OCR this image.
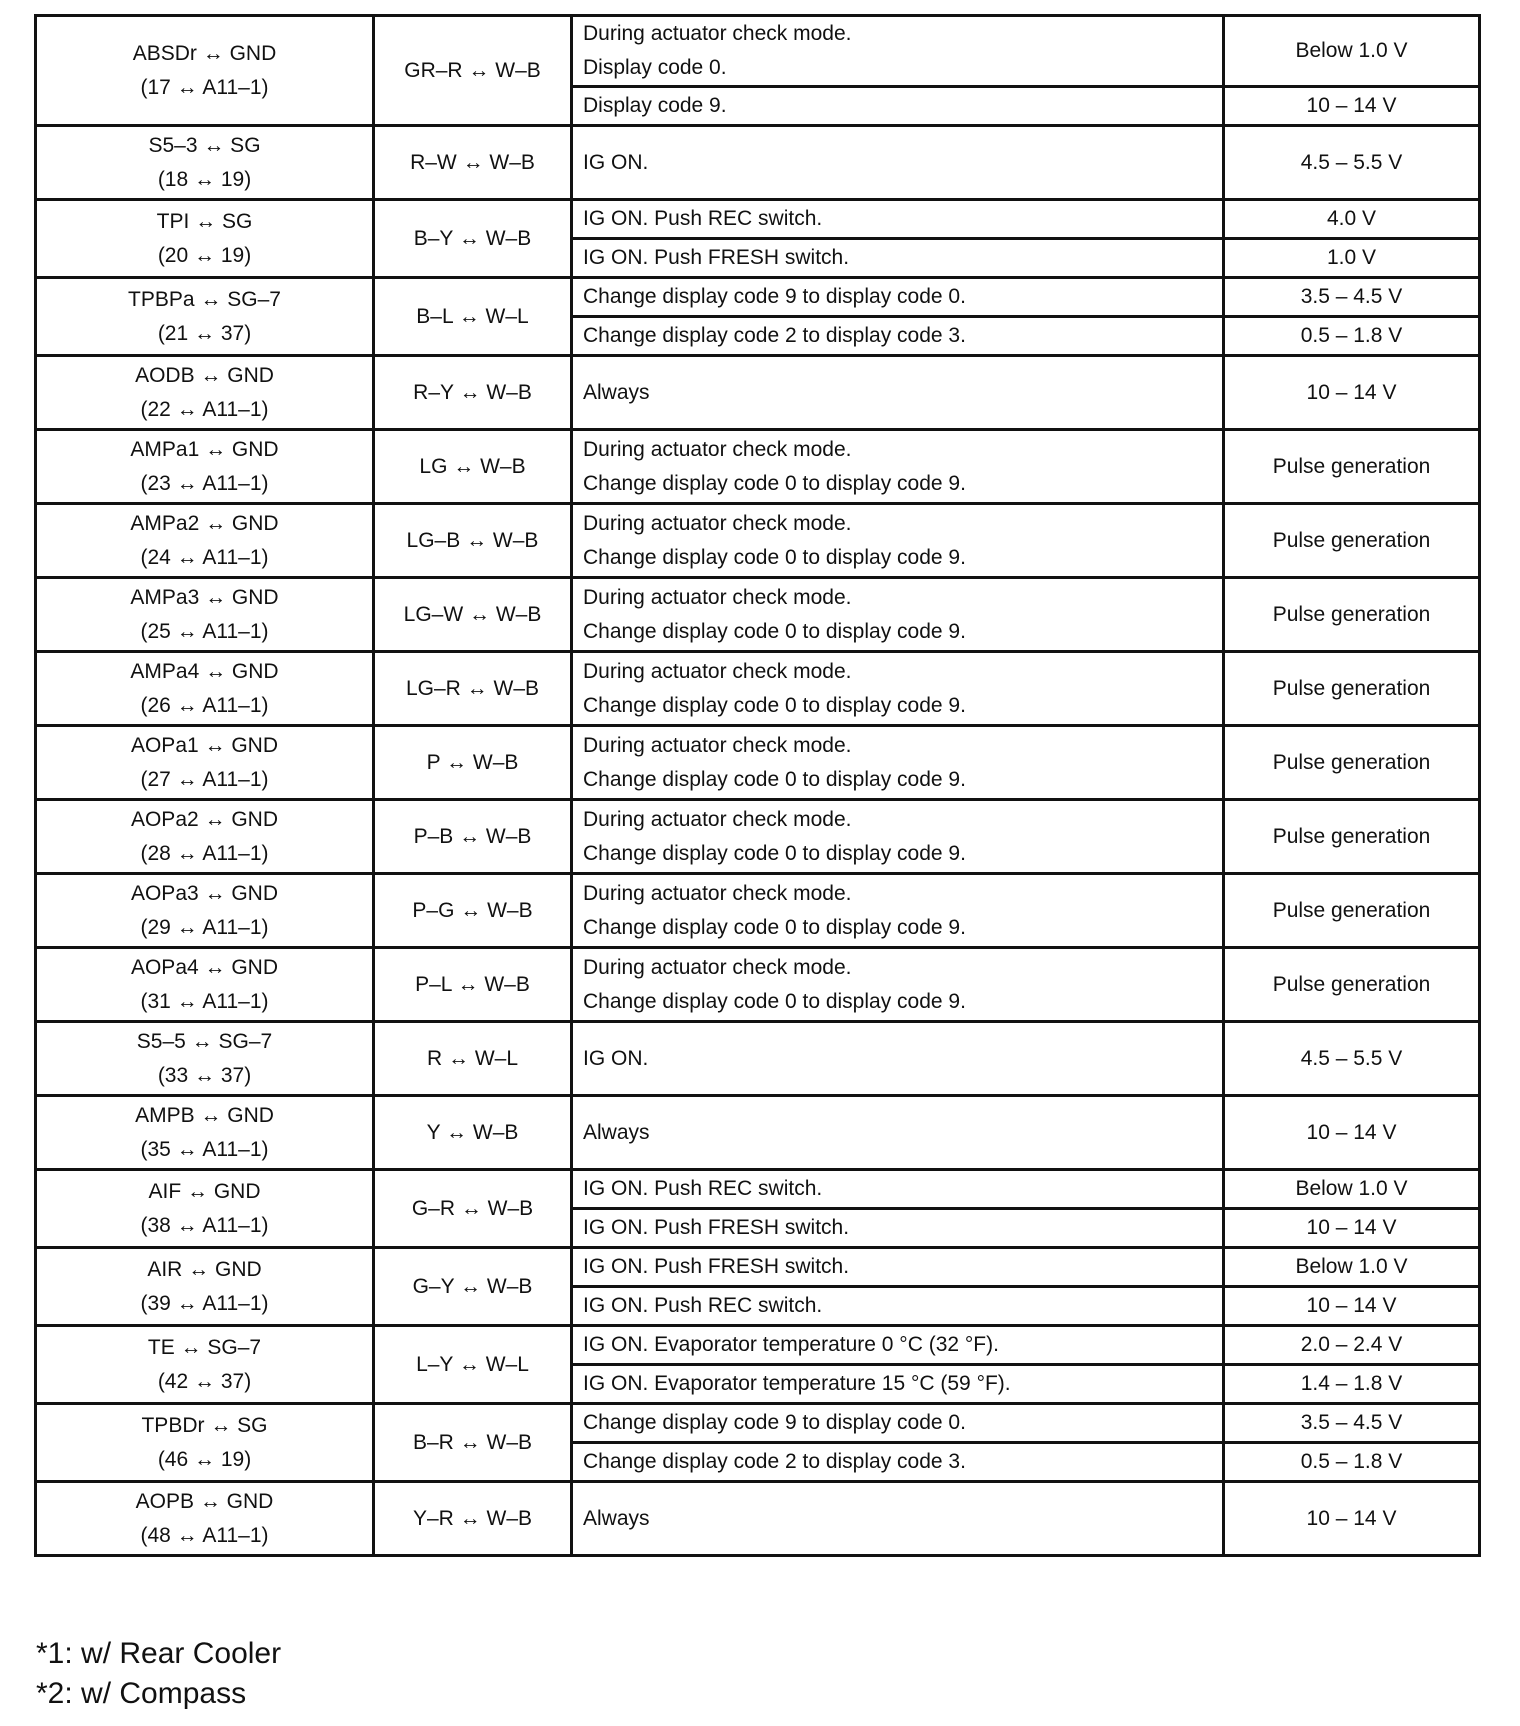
ABSDr ↔ GND
(17 ↔ A11–1)	GR–R ↔ W–B	During actuator check mode.
Display code 0.	Below 1.0 V

		Display code 9.	10 – 14 V

S5–3 ↔ SG
(18 ↔ 19)	R–W ↔ W–B	IG ON.	4.5 – 5.5 V

TPI ↔ SG
(20 ↔ 19)	B–Y ↔ W–B	IG ON. Push REC switch.	4.0 V

		IG ON. Push FRESH switch.	1.0 V

TPBPa ↔ SG–7
(21 ↔ 37)	B–L ↔ W–L	Change display code 9 to display code 0.	3.5 – 4.5 V

		Change display code 2 to display code 3.	0.5 – 1.8 V

AODB ↔ GND
(22 ↔ A11–1)	R–Y ↔ W–B	Always	10 – 14 V

AMPa1 ↔ GND
(23 ↔ A11–1)	LG ↔ W–B	During actuator check mode.
Change display code 0 to display code 9.	Pulse generation

AMPa2 ↔ GND
(24 ↔ A11–1)	LG–B ↔ W–B	During actuator check mode.
Change display code 0 to display code 9.	Pulse generation

AMPa3 ↔ GND
(25 ↔ A11–1)	LG–W ↔ W–B	During actuator check mode.
Change display code 0 to display code 9.	Pulse generation

AMPa4 ↔ GND
(26 ↔ A11–1)	LG–R ↔ W–B	During actuator check mode.
Change display code 0 to display code 9.	Pulse generation

AOPa1 ↔ GND
(27 ↔ A11–1)	P ↔ W–B	During actuator check mode.
Change display code 0 to display code 9.	Pulse generation

AOPa2 ↔ GND
(28 ↔ A11–1)	P–B ↔ W–B	During actuator check mode.
Change display code 0 to display code 9.	Pulse generation

AOPa3 ↔ GND
(29 ↔ A11–1)	P–G ↔ W–B	During actuator check mode.
Change display code 0 to display code 9.	Pulse generation

AOPa4 ↔ GND
(31 ↔ A11–1)	P–L ↔ W–B	During actuator check mode.
Change display code 0 to display code 9.	Pulse generation

S5–5 ↔ SG–7
(33 ↔ 37)	R ↔ W–L	IG ON.	4.5 – 5.5 V

AMPB ↔ GND
(35 ↔ A11–1)	Y ↔ W–B	Always	10 – 14 V

AIF ↔ GND
(38 ↔ A11–1)	G–R ↔ W–B	IG ON. Push REC switch.	Below 1.0 V

		IG ON. Push FRESH switch.	10 – 14 V

AIR ↔ GND
(39 ↔ A11–1)	G–Y ↔ W–B	IG ON. Push FRESH switch.	Below 1.0 V

		IG ON. Push REC switch.	10 – 14 V

TE ↔ SG–7
(42 ↔ 37)	L–Y ↔ W–L	IG ON. Evaporator temperature 0 °C (32 °F).	2.0 – 2.4 V

		IG ON. Evaporator temperature 15 °C (59 °F).	1.4 – 1.8 V

TPBDr ↔ SG
(46 ↔ 19)	B–R ↔ W–B	Change display code 9 to display code 0.	3.5 – 4.5 V

		Change display code 2 to display code 3.	0.5 – 1.8 V

AOPB ↔ GND
(48 ↔ A11–1)	Y–R ↔ W–B	Always	10 – 14 V
*1: w/ Rear Cooler
*2: w/ Compass
